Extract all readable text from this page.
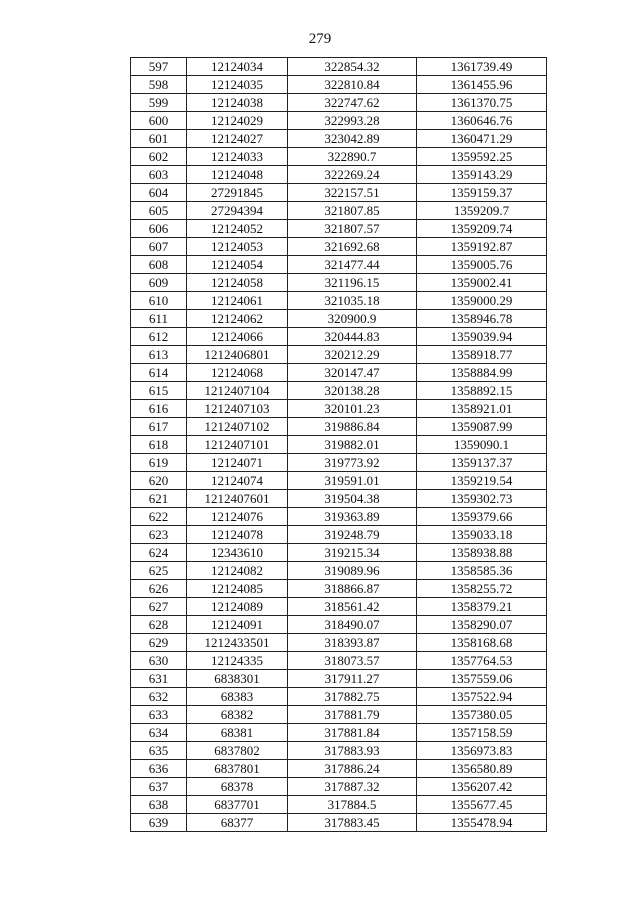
279
597	12124034	322854.32	1361739.49
598	12124035	322810.84	1361455.96
599	12124038	322747.62	1361370.75
600	12124029	322993.28	1360646.76
601	12124027	323042.89	1360471.29
602	12124033	322890.7	1359592.25
603	12124048	322269.24	1359143.29
604	27291845	322157.51	1359159.37
605	27294394	321807.85	1359209.7
606	12124052	321807.57	1359209.74
607	12124053	321692.68	1359192.87
608	12124054	321477.44	1359005.76
609	12124058	321196.15	1359002.41
610	12124061	321035.18	1359000.29
611	12124062	320900.9	1358946.78
612	12124066	320444.83	1359039.94
613	1212406801	320212.29	1358918.77
614	12124068	320147.47	1358884.99
615	1212407104	320138.28	1358892.15
616	1212407103	320101.23	1358921.01
617	1212407102	319886.84	1359087.99
618	1212407101	319882.01	1359090.1
619	12124071	319773.92	1359137.37
620	12124074	319591.01	1359219.54
621	1212407601	319504.38	1359302.73
622	12124076	319363.89	1359379.66
623	12124078	319248.79	1359033.18
624	12343610	319215.34	1358938.88
625	12124082	319089.96	1358585.36
626	12124085	318866.87	1358255.72
627	12124089	318561.42	1358379.21
628	12124091	318490.07	1358290.07
629	1212433501	318393.87	1358168.68
630	12124335	318073.57	1357764.53
631	6838301	317911.27	1357559.06
632	68383	317882.75	1357522.94
633	68382	317881.79	1357380.05
634	68381	317881.84	1357158.59
635	6837802	317883.93	1356973.83
636	6837801	317886.24	1356580.89
637	68378	317887.32	1356207.42
638	6837701	317884.5	1355677.45
639	68377	317883.45	1355478.94
